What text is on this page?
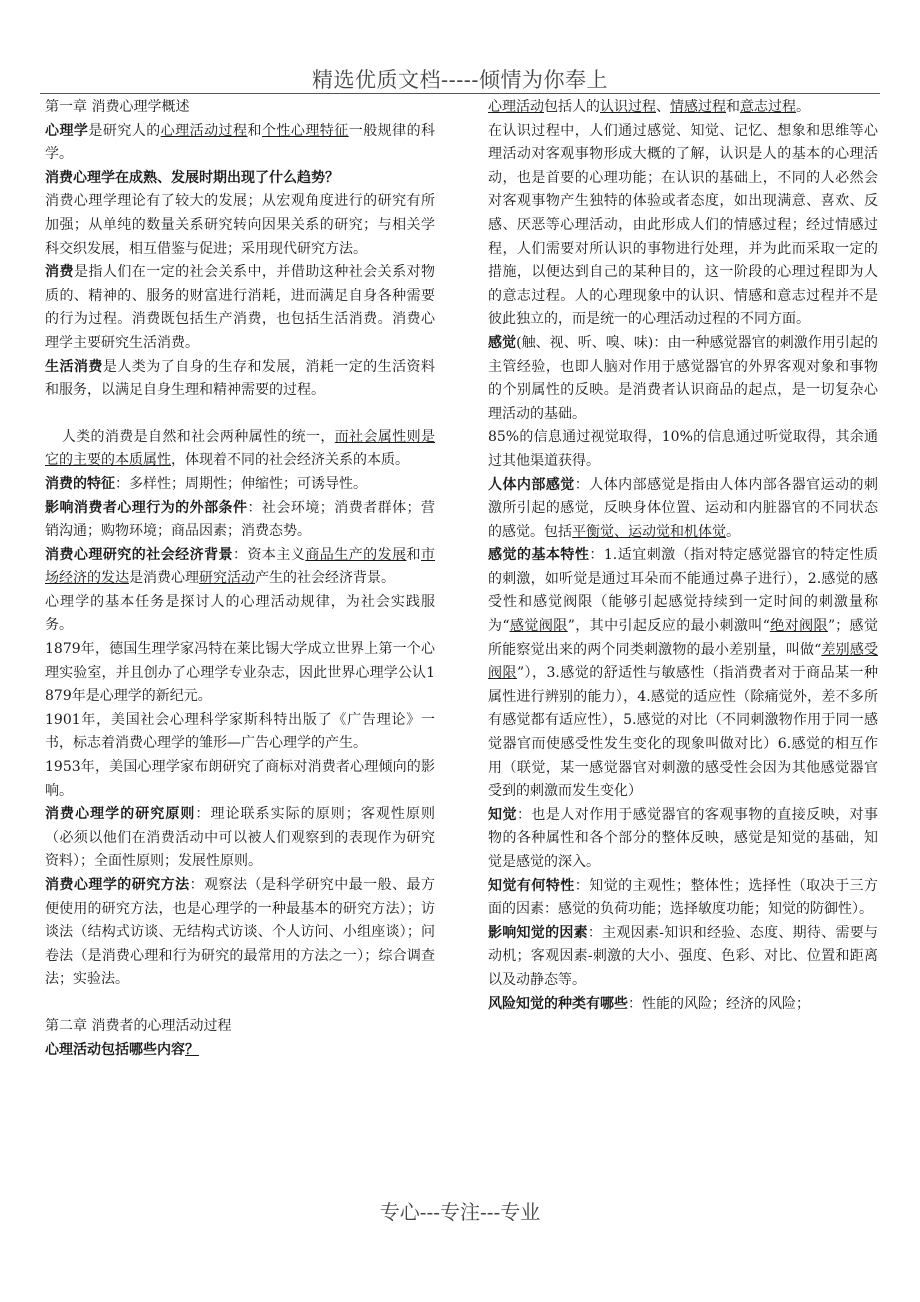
精选优质文档-----倾情为你奉上

第一章 消费心理学概述

心理学是研究人的心理活动过程和个性心理特征一般规律的科学。

消费心理学在成熟、发展时期出现了什么趋势？

消费心理学理论有了较大的发展；从宏观角度进行的研究有所加强；从单纯的数量关系研究转向因果关系的研究；与相关学科交织发展，相互借鉴与促进；采用现代研究方法。

消费是指人们在一定的社会关系中，并借助这种社会关系对物质的、精神的、服务的财富进行消耗，进而满足自身各种需要的行为过程。消费既包括生产消费，也包括生活消费。消费心理学主要研究生活消费。

生活消费是人类为了自身的生存和发展，消耗一定的生活资料和服务，以满足自身生理和精神需要的过程。

人类的消费是自然和社会两种属性的统一，而社会属性则是它的主要的本质属性，体现着不同的社会经济关系的本质。

消费的特征：多样性；周期性；伸缩性；可诱导性。

影响消费者心理行为的外部条件：社会环境；消费者群体；营销沟通；购物环境；商品因素；消费态势。

消费心理研究的社会经济背景：资本主义商品生产的发展和市场经济的发达是消费心理研究活动产生的社会经济背景。

心理学的基本任务是探讨人的心理活动规律，为社会实践服务。

1879年，德国生理学家冯特在莱比锡大学成立世界上第一个心理实验室，并且创办了心理学专业杂志，因此世界心理学公认1879年是心理学的新纪元。

1901年，美国社会心理科学家斯科特出版了《广告理论》一书，标志着消费心理学的雏形—广告心理学的产生。

1953年，美国心理学家布朗研究了商标对消费者心理倾向的影响。

消费心理学的研究原则：理论联系实际的原则；客观性原则（必须以他们在消费活动中可以被人们观察到的表现作为研究资料）；全面性原则；发展性原则。

消费心理学的研究方法：观察法（是科学研究中最一般、最方便使用的研究方法，也是心理学的一种最基本的研究方法）；访谈法（结构式访谈、无结构式访谈、个人访问、小组座谈）；问卷法（是消费心理和行为研究的最常用的方法之一）；综合调查法；实验法。

第二章 消费者的心理活动过程

心理活动包括哪些内容？

心理活动包括人的认识过程、情感过程和意志过程。

在认识过程中，人们通过感觉、知觉、记忆、想象和思维等心理活动对客观事物形成大概的了解，认识是人的基本的心理活动，也是首要的心理功能；在认识的基础上，不同的人必然会对客观事物产生独特的体验或者态度，如出现满意、喜欢、反感、厌恶等心理活动，由此形成人们的情感过程；经过情感过程，人们需要对所认识的事物进行处理，并为此而采取一定的措施，以便达到自己的某种目的，这一阶段的心理过程即为人的意志过程。人的心理现象中的认识、情感和意志过程并不是彼此独立的，而是统一的心理活动过程的不同方面。

感觉(触、视、听、嗅、味)：由一种感觉器官的刺激作用引起的主管经验，也即人脑对作用于感觉器官的外界客观对象和事物的个别属性的反映。是消费者认识商品的起点，是一切复杂心理活动的基础。

85%的信息通过视觉取得，10%的信息通过听觉取得，其余通过其他渠道获得。

人体内部感觉：人体内部感觉是指由人体内部各器官运动的刺激所引起的感觉，反映身体位置、运动和内脏器官的不同状态的感觉。包括平衡觉、运动觉和机体觉。

感觉的基本特性：1.适宜刺激（指对特定感觉器官的特定性质的刺激，如听觉是通过耳朵而不能通过鼻子进行），2.感觉的感受性和感觉阀限（能够引起感觉持续到一定时间的刺激量称为“感觉阀限”，其中引起反应的最小刺激叫“绝对阀限”；感觉所能察觉出来的两个同类刺激物的最小差别量，叫做“差别感受阀限”），3.感觉的舒适性与敏感性（指消费者对于商品某一种属性进行辨别的能力），4.感觉的适应性（除痛觉外，差不多所有感觉都有适应性），5.感觉的对比（不同刺激物作用于同一感觉器官而使感受性发生变化的现象叫做对比）6.感觉的相互作用（联觉，某一感觉器官对刺激的感受性会因为其他感觉器官受到的刺激而发生变化）

知觉：也是人对作用于感觉器官的客观事物的直接反映，对事物的各种属性和各个部分的整体反映，感觉是知觉的基础，知觉是感觉的深入。

知觉有何特性：知觉的主观性；整体性；选择性（取决于三方面的因素：感觉的负荷功能；选择敏度功能；知觉的防御性）。

影响知觉的因素：主观因素-知识和经验、态度、期待、需要与动机；客观因素-刺激的大小、强度、色彩、对比、位置和距离以及动静态等。

风险知觉的种类有哪些：性能的风险；经济的风险；

专心---专注---专业
